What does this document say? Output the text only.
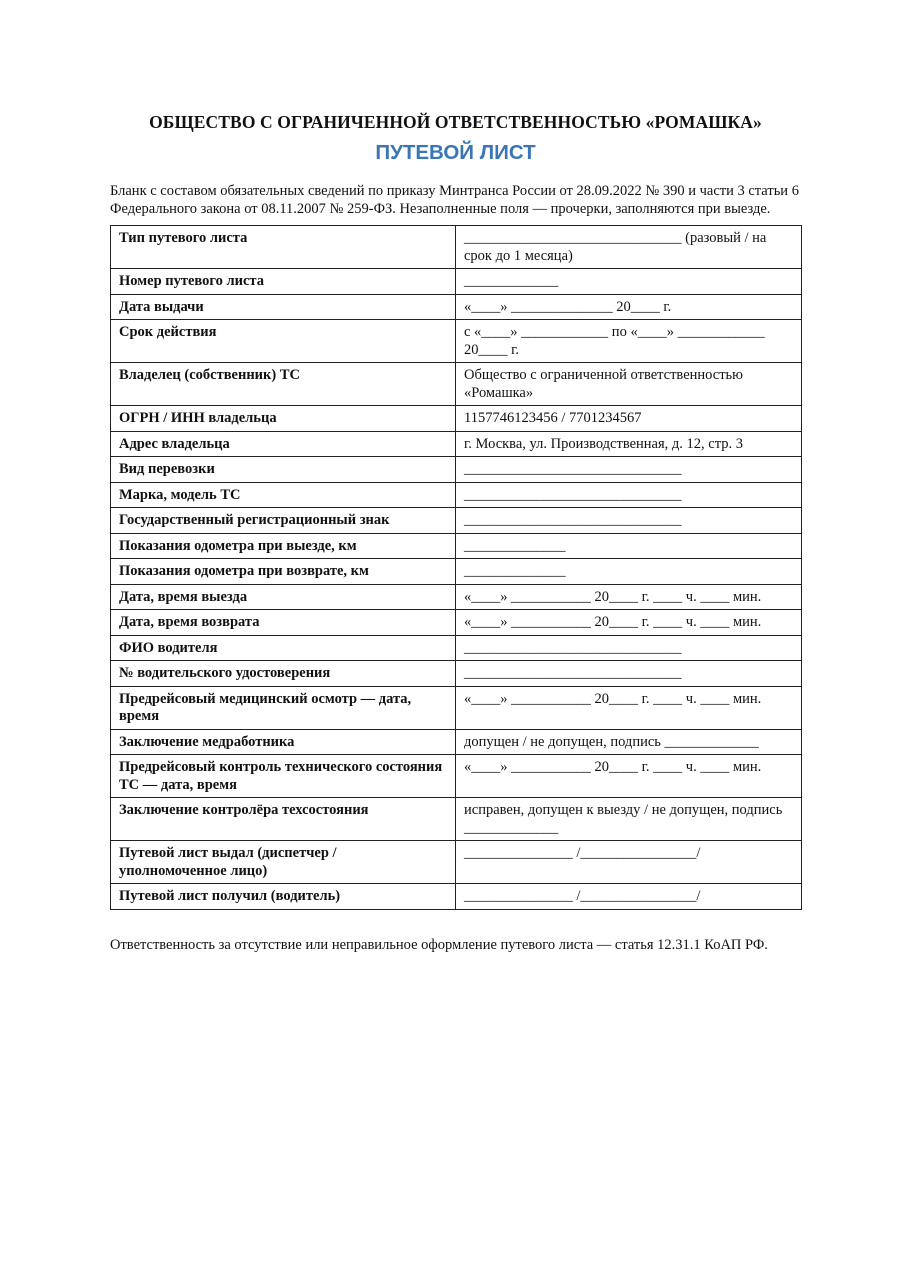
ОБЩЕСТВО С ОГРАНИЧЕННОЙ ОТВЕТСТВЕННОСТЬЮ «РОМАШКА»
ПУТЕВОЙ ЛИСТ
Бланк с составом обязательных сведений по приказу Минтранса России от 28.09.2022 № 390 и части 3 статьи 6 Федерального закона от 08.11.2007 № 259-ФЗ. Незаполненные поля — прочерки, заполняются при выезде.
Тип путевого листа	______________________________ (разовый / на срок до 1 месяца)
Номер путевого листа	_____________
Дата выдачи	«____» ______________ 20____ г.
Срок действия	с «____» ____________ по «____» ____________ 20____ г.
Владелец (собственник) ТС	Общество с ограниченной ответственностью «Ромашка»
ОГРН / ИНН владельца	1157746123456 / 7701234567
Адрес владельца	г. Москва, ул. Производственная, д. 12, стр. 3
Вид перевозки	______________________________
Марка, модель ТС	______________________________
Государственный регистрационный знак	______________________________
Показания одометра при выезде, км	______________
Показания одометра при возврате, км	______________
Дата, время выезда	«____» ___________ 20____ г. ____ ч. ____ мин.
Дата, время возврата	«____» ___________ 20____ г. ____ ч. ____ мин.
ФИО водителя	______________________________
№ водительского удостоверения	______________________________
Предрейсовый медицинский осмотр — дата, время	«____» ___________ 20____ г. ____ ч. ____ мин.
Заключение медработника	допущен / не допущен, подпись _____________
Предрейсовый контроль технического состояния ТС — дата, время	«____» ___________ 20____ г. ____ ч. ____ мин.
Заключение контролёра техсостояния	исправен, допущен к выезду / не допущен, подпись _____________
Путевой лист выдал (диспетчер / уполномоченное лицо)	_______________ /________________/
Путевой лист получил (водитель)	_______________ /________________/
Ответственность за отсутствие или неправильное оформление путевого листа — статья 12.31.1 КоАП РФ.
